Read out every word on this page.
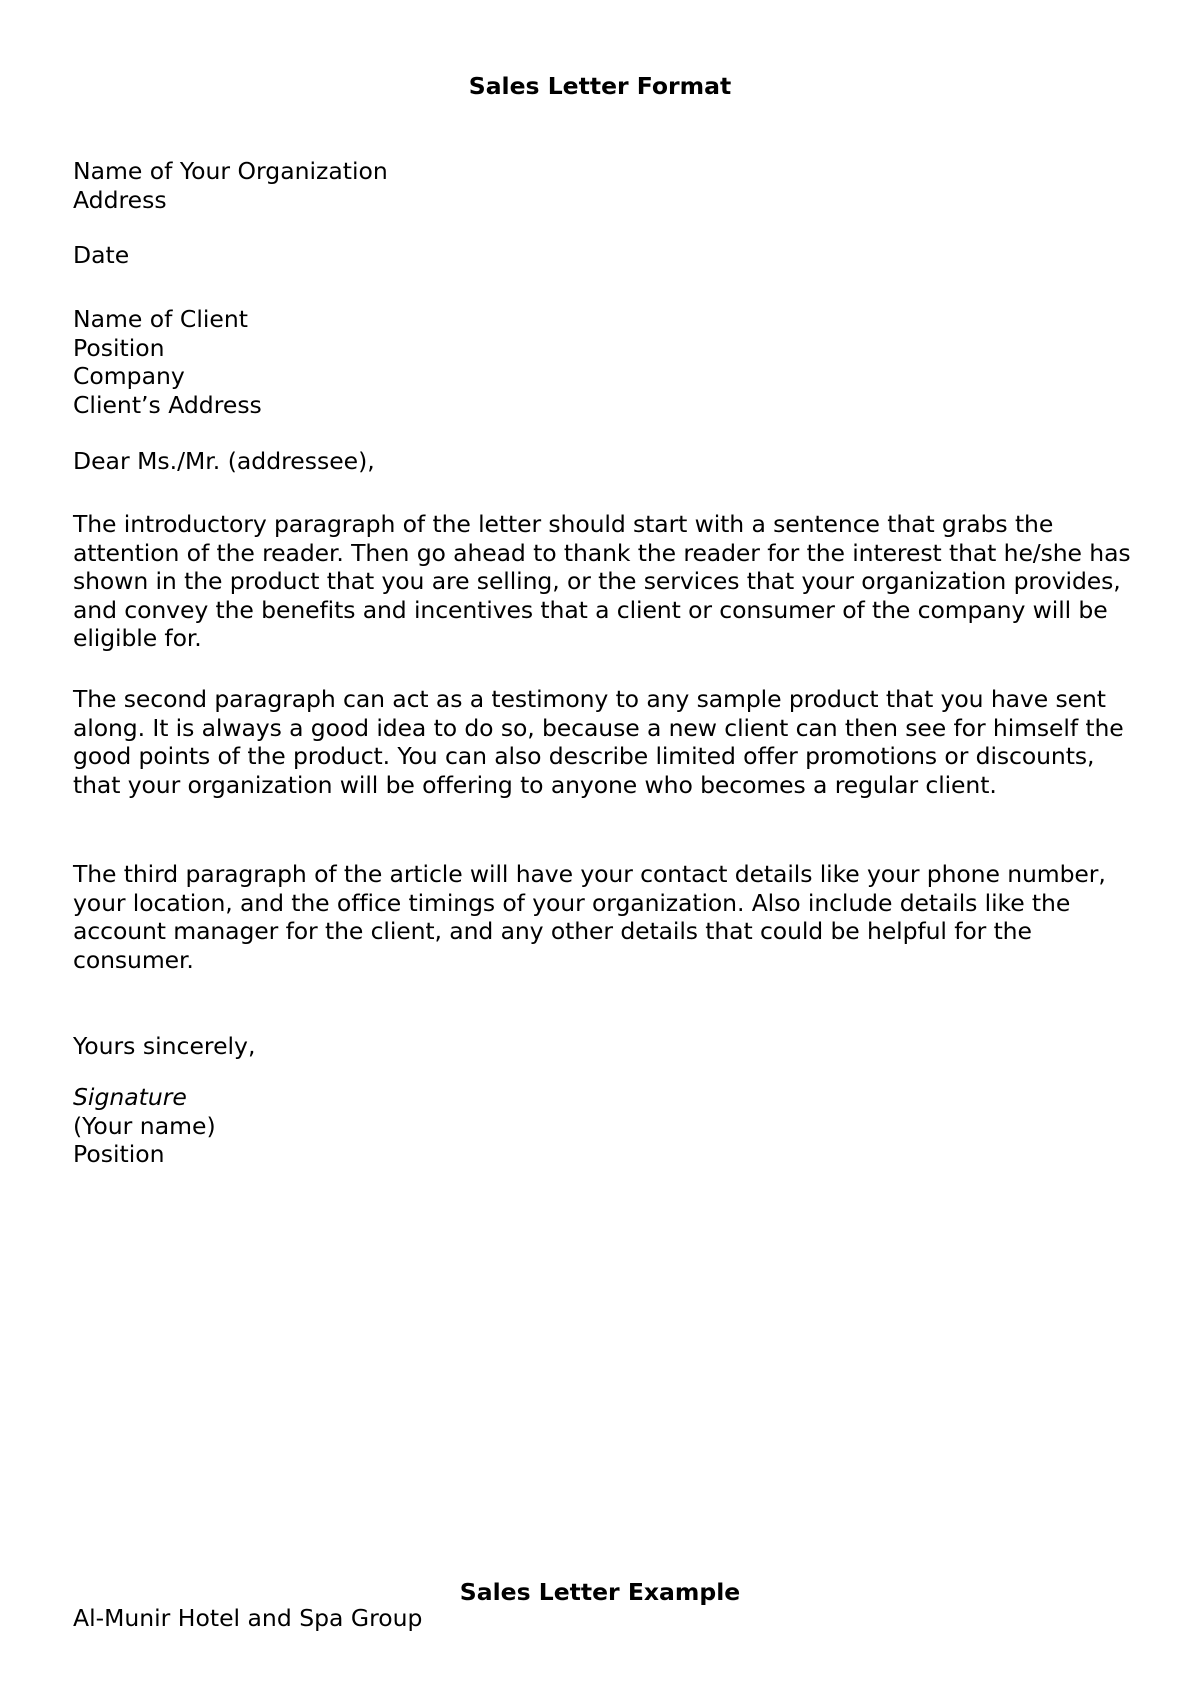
Sales Letter Format
Name of Your Organization
Address
Date
Name of Client
Position
Company
Client’s Address
Dear Ms./Mr. (addressee),
The introductory paragraph of the letter should start with a sentence that grabs the attention of the reader. Then go ahead to thank the reader for the interest that he/she has shown in the product that you are selling, or the services that your organization provides, and convey the benefits and incentives that a client or consumer of the company will be eligible for.
The second paragraph can act as a testimony to any sample product that you have sent along. It is always a good idea to do so, because a new client can then see for himself the good points of the product. You can also describe limited offer promotions or discounts, that your organization will be offering to anyone who becomes a regular client.
The third paragraph of the article will have your contact details like your phone number, your location, and the office timings of your organization. Also include details like the account manager for the client, and any other details that could be helpful for the consumer.
Yours sincerely,
Signature
(Your name)
Position
Sales Letter Example
Al-Munir Hotel and Spa Group
